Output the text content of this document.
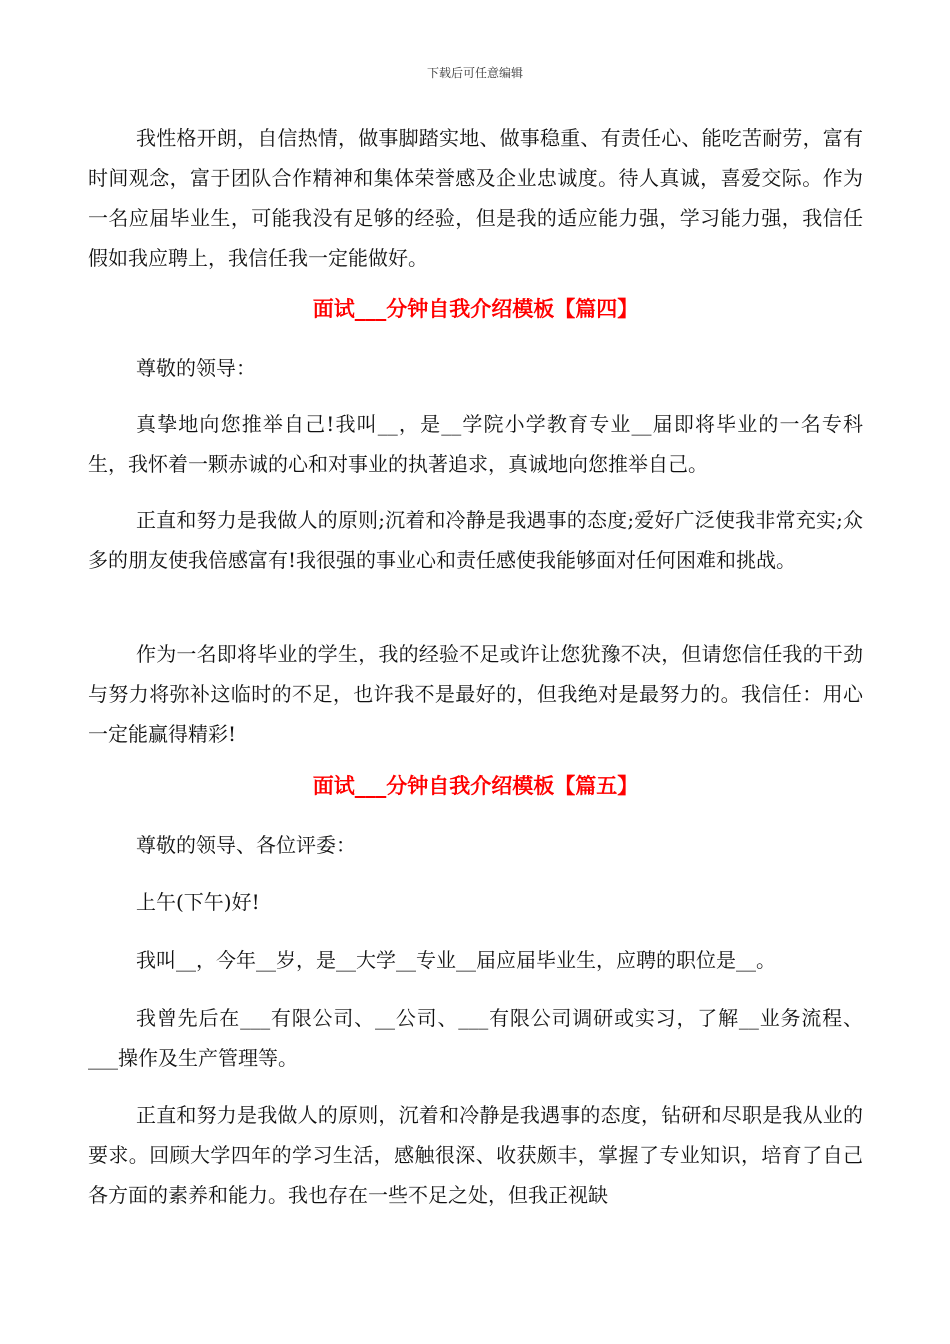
下载后可任意编辑

我性格开朗，自信热情，做事脚踏实地、做事稳重、有责任心、能吃苦耐劳，富有时间观念，富于团队合作精神和集体荣誉感及企业忠诚度。待人真诚，喜爱交际。作为一名应届毕业生，可能我没有足够的经验，但是我的适应能力强，学习能力强，我信任假如我应聘上，我信任我一定能做好。

面试___分钟自我介绍模板【篇四】

尊敬的领导：

真挚地向您推举自己!我叫__，是__学院小学教育专业__届即将毕业的一名专科生，我怀着一颗赤诚的心和对事业的执著追求，真诚地向您推举自己。

正直和努力是我做人的原则;沉着和冷静是我遇事的态度;爱好广泛使我非常充实;众多的朋友使我倍感富有!我很强的事业心和责任感使我能够面对任何困难和挑战。

作为一名即将毕业的学生，我的经验不足或许让您犹豫不决，但请您信任我的干劲与努力将弥补这临时的不足，也许我不是最好的，但我绝对是最努力的。我信任：用心一定能赢得精彩!

面试___分钟自我介绍模板【篇五】

尊敬的领导、各位评委：

上午(下午)好!

我叫__，今年__岁，是__大学__专业__届应届毕业生，应聘的职位是__。

我曾先后在___有限公司、__公司、___有限公司调研或实习，了解__业务流程、___操作及生产管理等。

正直和努力是我做人的原则，沉着和冷静是我遇事的态度，钻研和尽职是我从业的要求。回顾大学四年的学习生活，感触很深、收获颇丰，掌握了专业知识，培育了自己各方面的素养和能力。我也存在一些不足之处，但我正视缺
